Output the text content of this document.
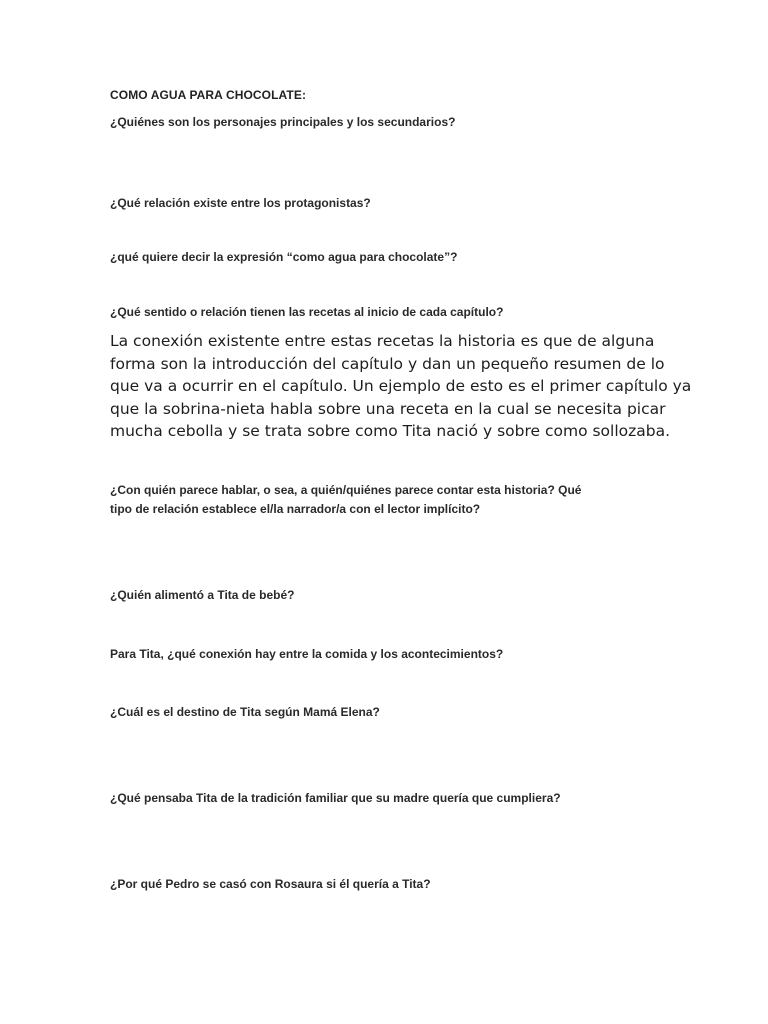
COMO AGUA PARA CHOCOLATE:

¿Quiénes son los personajes principales y los secundarios?

¿Qué relación existe entre los protagonistas?

¿qué quiere decir la expresión “como agua para chocolate”?

¿Qué sentido o relación tienen las recetas al inicio de cada capítulo?

La conexión existente entre estas recetas la historia es que de alguna
forma son la introducción del capítulo y dan un pequeño resumen de lo
que va a ocurrir en el capítulo. Un ejemplo de esto es el primer capítulo ya
que la sobrina-nieta habla sobre una receta en la cual se necesita picar
mucha cebolla y se trata sobre como Tita nació y sobre como sollozaba.

¿Con quién parece hablar, o sea, a quién/quiénes parece contar esta historia? Qué

tipo de relación establece el/la narrador/a con el lector implícito?

¿Quién alimentó a Tita de bebé?

Para Tita, ¿qué conexión hay entre la comida y los acontecimientos?

¿Cuál es el destino de Tita según Mamá Elena?

¿Qué pensaba Tita de la tradición familiar que su madre quería que cumpliera?

¿Por qué Pedro se casó con Rosaura si él quería a Tita?
